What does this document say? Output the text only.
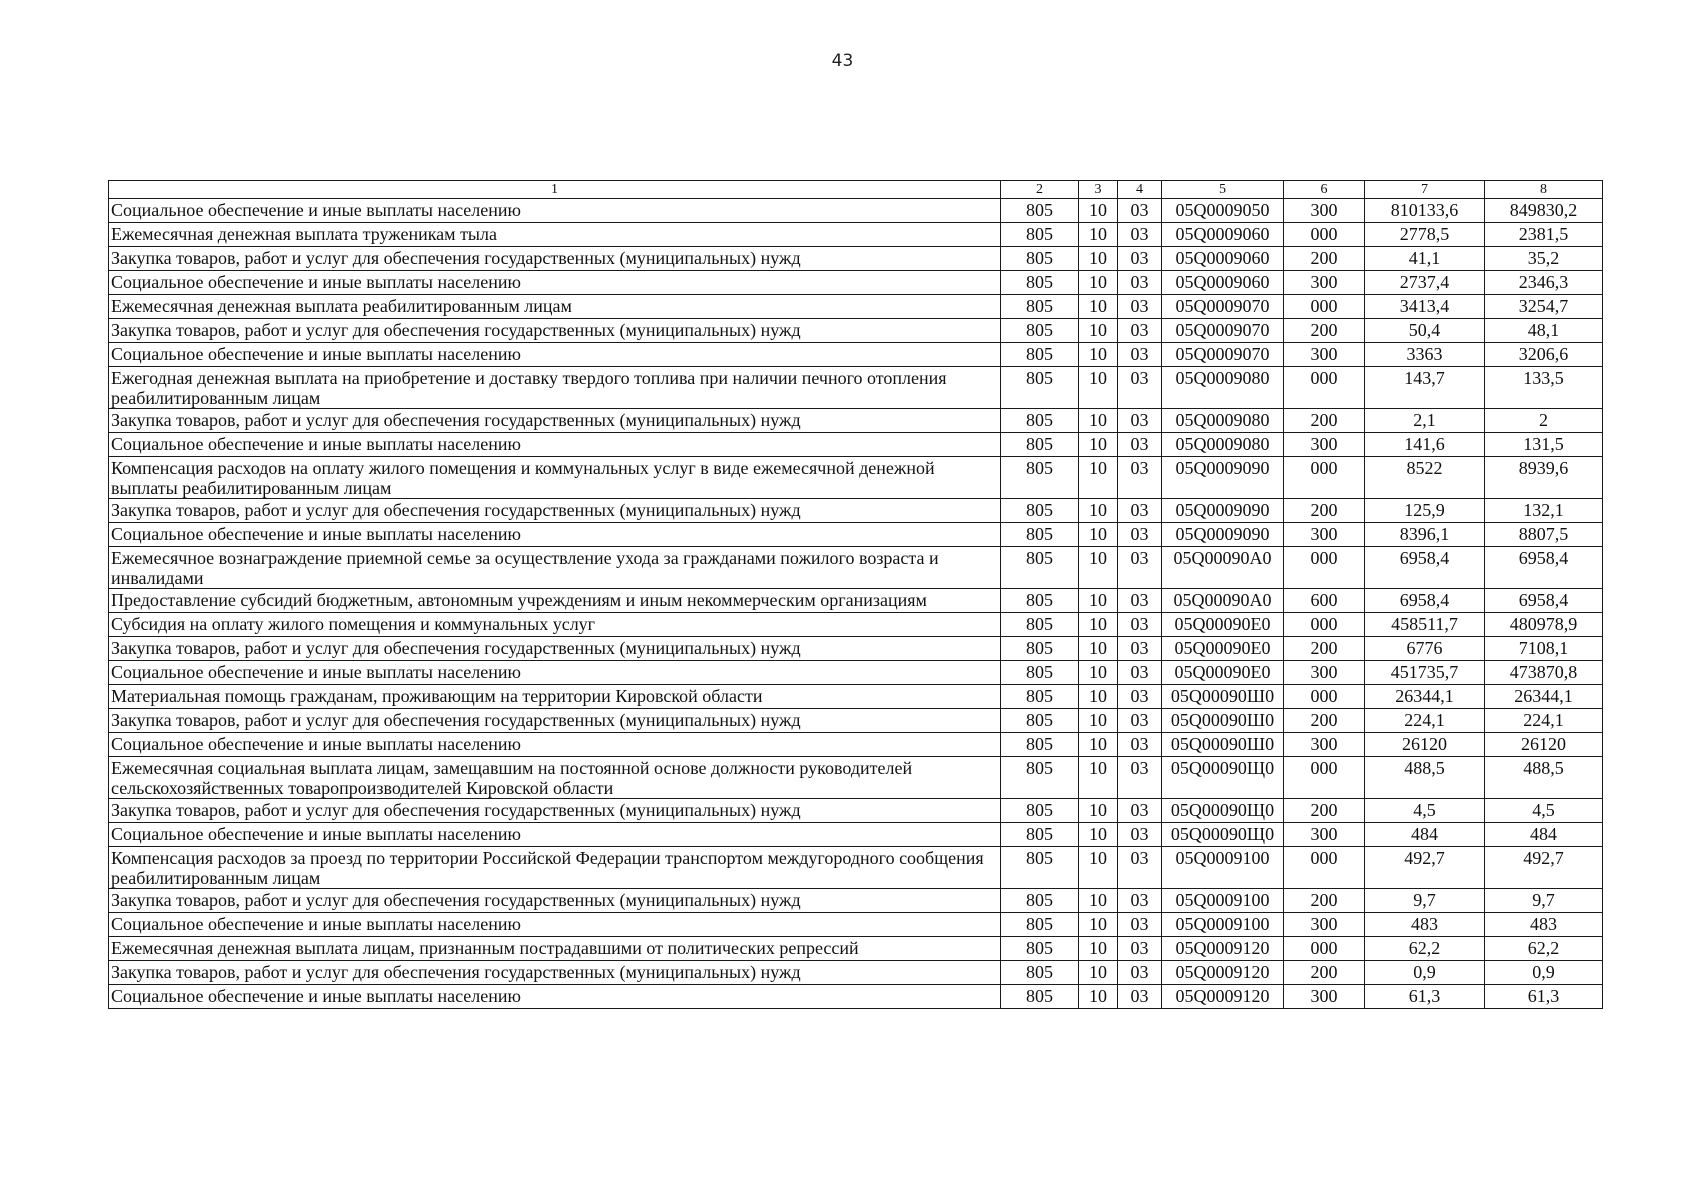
43
1	2	3	4	5	6	7	8
Социальное обеспечение и иные выплаты населению	805	10	03	05Q0009050	300	810133,6	849830,2
Ежемесячная денежная выплата труженикам тыла	805	10	03	05Q0009060	000	2778,5	2381,5
Закупка товаров, работ и услуг для обеспечения государственных (муниципальных) нужд	805	10	03	05Q0009060	200	41,1	35,2
Социальное обеспечение и иные выплаты населению	805	10	03	05Q0009060	300	2737,4	2346,3
Ежемесячная денежная выплата реабилитированным лицам	805	10	03	05Q0009070	000	3413,4	3254,7
Закупка товаров, работ и услуг для обеспечения государственных (муниципальных) нужд	805	10	03	05Q0009070	200	50,4	48,1
Социальное обеспечение и иные выплаты населению	805	10	03	05Q0009070	300	3363	3206,6
Ежегодная денежная выплата на приобретение и доставку твердого топлива при наличии печного отопления реабилитированным лицам	805	10	03	05Q0009080	000	143,7	133,5
Закупка товаров, работ и услуг для обеспечения государственных (муниципальных) нужд	805	10	03	05Q0009080	200	2,1	2
Социальное обеспечение и иные выплаты населению	805	10	03	05Q0009080	300	141,6	131,5
Компенсация расходов на оплату жилого помещения и коммунальных услуг в виде ежемесячной денежной выплаты реабилитированным лицам	805	10	03	05Q0009090	000	8522	8939,6
Закупка товаров, работ и услуг для обеспечения государственных (муниципальных) нужд	805	10	03	05Q0009090	200	125,9	132,1
Социальное обеспечение и иные выплаты населению	805	10	03	05Q0009090	300	8396,1	8807,5
Ежемесячное вознаграждение приемной семье за осуществление ухода за гражданами пожилого возраста и инвалидами	805	10	03	05Q00090А0	000	6958,4	6958,4
Предоставление субсидий бюджетным, автономным учреждениям и иным некоммерческим организациям	805	10	03	05Q00090А0	600	6958,4	6958,4
Субсидия на оплату жилого помещения и коммунальных услуг	805	10	03	05Q00090Е0	000	458511,7	480978,9
Закупка товаров, работ и услуг для обеспечения государственных (муниципальных) нужд	805	10	03	05Q00090Е0	200	6776	7108,1
Социальное обеспечение и иные выплаты населению	805	10	03	05Q00090Е0	300	451735,7	473870,8
Материальная помощь гражданам, проживающим на территории Кировской области	805	10	03	05Q00090Ш0	000	26344,1	26344,1
Закупка товаров, работ и услуг для обеспечения государственных (муниципальных) нужд	805	10	03	05Q00090Ш0	200	224,1	224,1
Социальное обеспечение и иные выплаты населению	805	10	03	05Q00090Ш0	300	26120	26120
Ежемесячная социальная выплата лицам, замещавшим на постоянной основе должности руководителей сельскохозяйственных товаропроизводителей Кировской области	805	10	03	05Q00090Щ0	000	488,5	488,5
Закупка товаров, работ и услуг для обеспечения государственных (муниципальных) нужд	805	10	03	05Q00090Щ0	200	4,5	4,5
Социальное обеспечение и иные выплаты населению	805	10	03	05Q00090Щ0	300	484	484
Компенсация расходов за проезд по территории Российской Федерации транспортом междугородного сообщения реабилитированным лицам	805	10	03	05Q0009100	000	492,7	492,7
Закупка товаров, работ и услуг для обеспечения государственных (муниципальных) нужд	805	10	03	05Q0009100	200	9,7	9,7
Социальное обеспечение и иные выплаты населению	805	10	03	05Q0009100	300	483	483
Ежемесячная денежная выплата лицам, признанным пострадавшими от политических репрессий	805	10	03	05Q0009120	000	62,2	62,2
Закупка товаров, работ и услуг для обеспечения государственных (муниципальных) нужд	805	10	03	05Q0009120	200	0,9	0,9
Социальное обеспечение и иные выплаты населению	805	10	03	05Q0009120	300	61,3	61,3
